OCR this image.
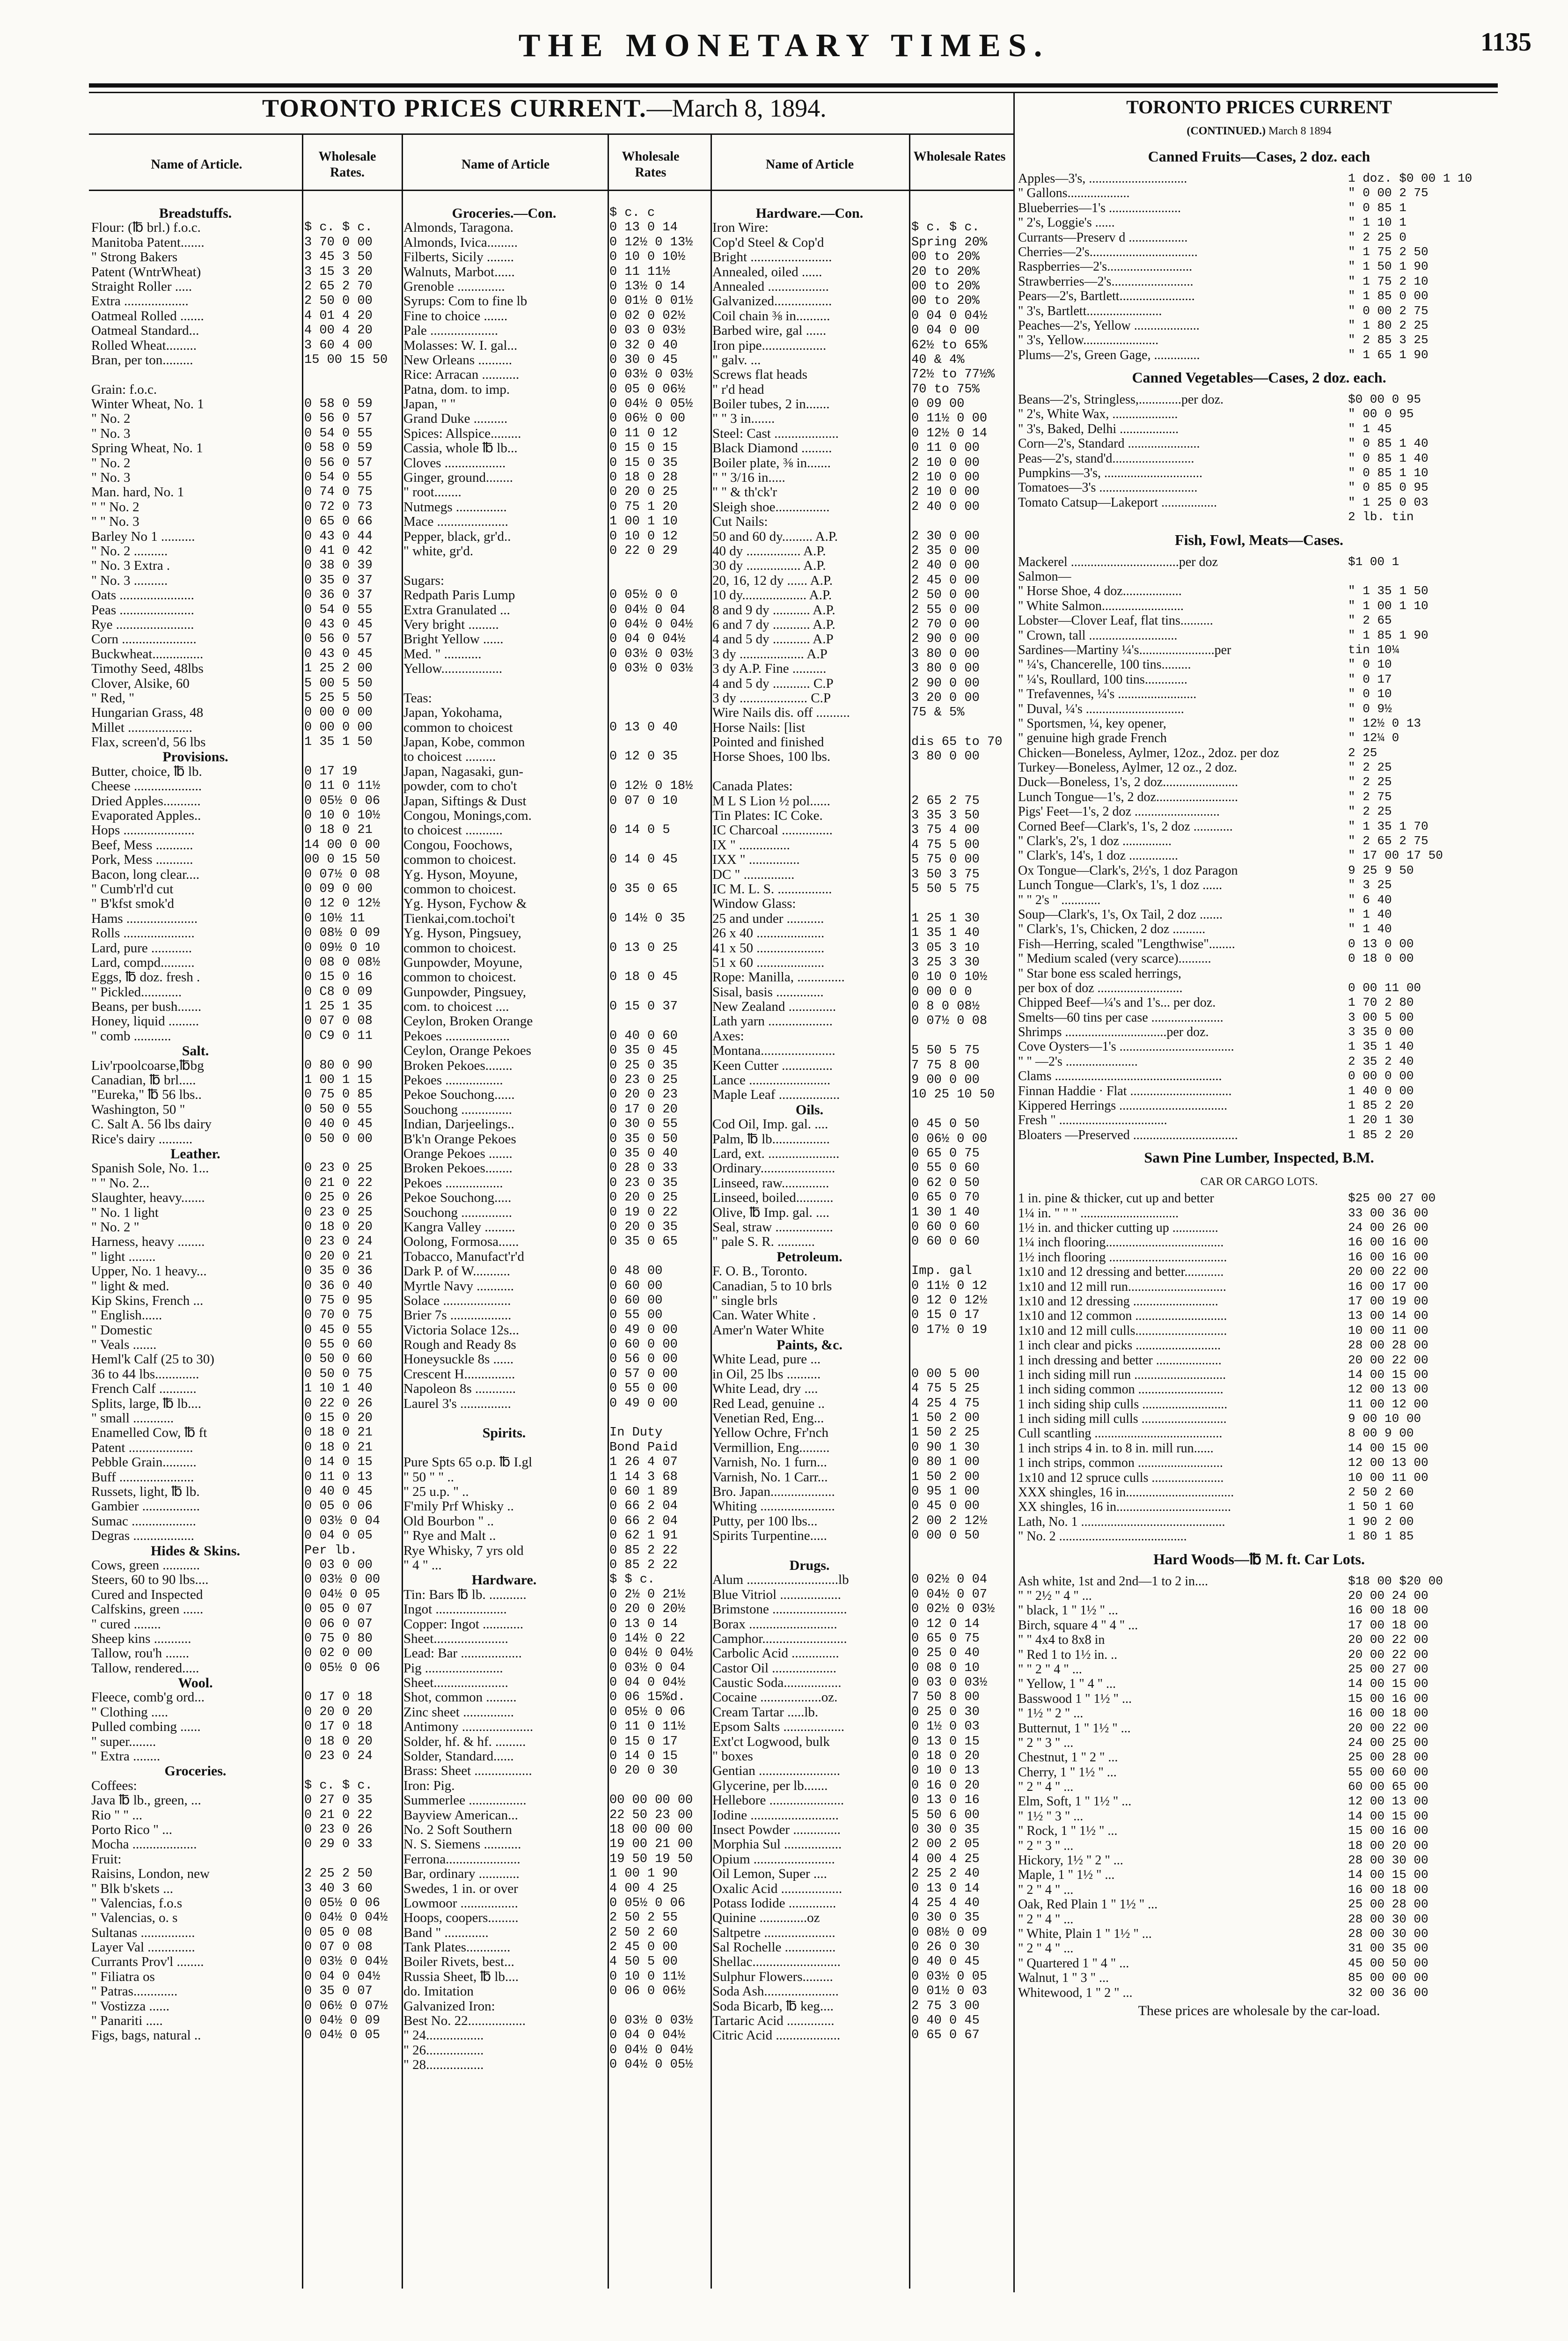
THE MONETARY TIMES.	1135
TORONTO PRICES CURRENT.—March 8, 1894.
Name of Article.
Wholesale Rates.
Name of Article
Wholesale Rates
Name of Article
Wholesale Rates
Breadstuffs.
Flour: (℔ brl.) f.o.c.	$ c. $ c.
Manitoba Patent.......	3 70 0 00
" Strong Bakers	3 45 3 50
Patent (WntrWheat)	3 15 3 20
Straight Roller .....	2 65 2 70
Extra ...................	2 50 0 00
Oatmeal Rolled .......	4 01 4 20
Oatmeal Standard...	4 00 4 20
Rolled Wheat.........	3 60 4 00
Bran, per ton.........	15 00 15 50
Grain: f.o.c.
Winter Wheat, No. 1	0 58 0 59
" No. 2	0 56 0 57
" No. 3	0 54 0 55
Spring Wheat, No. 1	0 58 0 59
" No. 2	0 56 0 57
" No. 3	0 54 0 55
Man. hard, No. 1	0 74 0 75
" " No. 2	0 72 0 73
" " No. 3	0 65 0 66
Barley No 1 ..........	0 43 0 44
" No. 2 ..........	0 41 0 42
" No. 3 Extra .	0 38 0 39
" No. 3 ..........	0 35 0 37
Oats ......................	0 36 0 37
Peas ......................	0 54 0 55
Rye .......................	0 43 0 45
Corn ......................	0 56 0 57
Buckwheat...............	0 43 0 45
Timothy Seed, 48lbs	1 25 2 00
Clover, Alsike, 60	5 00 5 50
" Red, "	5 25 5 50
Hungarian Grass, 48	0 00 0 00
Millet ...................	0 00 0 00
Flax, screen'd, 56 lbs	1 35 1 50
Provisions.
Butter, choice, ℔ lb.	0 17 19
Cheese ....................	0 11 0 11½
Dried Apples...........	0 05½ 0 06
Evaporated Apples..	0 10 0 10½
Hops .....................	0 18 0 21
Beef, Mess ...........	14 00 0 00
Pork, Mess ...........	00 0 15 50
Bacon, long clear....	0 07½ 0 08
" Cumb'rl'd cut	0 09 0 00
" B'kfst smok'd	0 12 0 12½
Hams .....................	0 10½ 11
Rolls .....................	0 08½ 0 09
Lard, pure ............	0 09½ 0 10
Lard, compd..........	0 08 0 08½
Eggs, ℔ doz. fresh .	0 15 0 16
" Pickled............	0 C8 0 09
Beans, per bush.......	1 25 1 35
Honey, liquid .........	0 07 0 08
" comb ...........	0 C9 0 11
Salt.
Liv'rpoolcoarse,℔bg	0 80 0 90
Canadian, ℔ brl.....	1 00 1 15
"Eureka," ℔ 56 lbs..	0 75 0 85
Washington, 50 "	0 50 0 55
C. Salt A. 56 lbs dairy	0 40 0 45
Rice's dairy ..........	0 50 0 00
Leather.
Spanish Sole, No. 1...	0 23 0 25
" " No. 2...	0 21 0 22
Slaughter, heavy.......	0 25 0 26
" No. 1 light	0 23 0 25
" No. 2 "	0 18 0 20
Harness, heavy ........	0 23 0 24
" light ........	0 20 0 21
Upper, No. 1 heavy...	0 35 0 36
" light & med.	0 36 0 40
Kip Skins, French ...	0 75 0 95
" English......	0 70 0 75
" Domestic	0 45 0 55
" Veals .......	0 55 0 60
Heml'k Calf (25 to 30)	0 50 0 60
36 to 44 lbs.............	0 50 0 75
French Calf ...........	1 10 1 40
Splits, large, ℔ lb....	0 22 0 26
" small ............	0 15 0 20
Enamelled Cow, ℔ ft	0 18 0 21
Patent ...................	0 18 0 21
Pebble Grain..........	0 14 0 15
Buff ......................	0 11 0 13
Russets, light, ℔ lb.	0 40 0 45
Gambier .................	0 05 0 06
Sumac ...................	0 03½ 0 04
Degras ..................	0 04 0 05
Hides & Skins.	Per lb.
Cows, green ...........	0 03 0 00
Steers, 60 to 90 lbs....	0 03½ 0 00
Cured and Inspected	0 04½ 0 05
Calfskins, green ......	0 05 0 07
" cured ........	0 06 0 07
Sheep kins ...........	0 75 0 80
Tallow, rou'h .......	0 02 0 00
Tallow, rendered.....	0 05½ 0 06
Wool.
Fleece, comb'g ord...	0 17 0 18
" Clothing .....	0 20 0 20
Pulled combing ......	0 17 0 18
" super........	0 18 0 20
" Extra ........	0 23 0 24
Groceries.
Coffees:	$ c. $ c.
Java ℔ lb., green, ...	0 27 0 35
Rio " " ...	0 21 0 22
Porto Rico " ...	0 23 0 26
Mocha ...................	0 29 0 33
Fruit:
Raisins, London, new	2 25 2 50
" Blk b'skets ...	3 40 3 60
" Valencias, f.o.s	0 05½ 0 06
" Valencias, o. s	0 04½ 0 04½
Sultanas ................	0 05 0 08
Layer Val ..............	0 07 0 08
Currants Prov'l ........	0 03½ 0 04½
" Filiatra os	0 04 0 04½
" Patras.............	0 35 0 07
" Vostizza ......	0 06½ 0 07½
" Panariti .....	0 04½ 0 09
Figs, bags, natural ..	0 04½ 0 05
Groceries.—Con.	$ c. c
Almonds, Taragona.	0 13 0 14
Almonds, Ivica.........	0 12½ 0 13½
Filberts, Sicily ........	0 10 0 10½
Walnuts, Marbot......	0 11 11½
Grenoble ..............	0 13½ 0 14
Syrups: Com to fine lb	0 01½ 0 01½
Fine to choice .......	0 02 0 02½
Pale ....................	0 03 0 03½
Molasses: W. I. gal...	0 32 0 40
New Orleans ..........	0 30 0 45
Rice: Arracan ...........	0 03½ 0 03½
Patna, dom. to imp.	0 05 0 06½
Japan, " "	0 04½ 0 05½
Grand Duke ..........	0 06½ 0 00
Spices: Allspice.........	0 11 0 12
Cassia, whole ℔ lb...	0 15 0 15
Cloves ..................	0 15 0 35
Ginger, ground........	0 18 0 28
" root........	0 20 0 25
Nutmegs ...............	0 75 1 20
Mace .....................	1 00 1 10
Pepper, black, gr'd..	0 10 0 12
" white, gr'd.	0 22 0 29
Sugars:
Redpath Paris Lump	0 05½ 0 0
Extra Granulated ...	0 04½ 0 04
Very bright .........	0 04½ 0 04½
Bright Yellow ......	0 04 0 04½
Med. " ...........	0 03½ 0 03½
Yellow..................	0 03½ 0 03½
Teas:
Japan, Yokohama,
common to choicest	0 13 0 40
Japan, Kobe, common
to choicest .........	0 12 0 35
Japan, Nagasaki, gun-
powder, com to cho't	0 12½ 0 18½
Japan, Siftings & Dust	0 07 0 10
Congou, Monings,com.
to choicest ...........	0 14 0 5
Congou, Foochows,
common to choicest.	0 14 0 45
Yg. Hyson, Moyune,
common to choicest.	0 35 0 65
Yg. Hyson, Fychow &
Tienkai,com.tochoi't	0 14½ 0 35
Yg. Hyson, Pingsuey,
common to choicest.	0 13 0 25
Gunpowder, Moyune,
common to choicest.	0 18 0 45
Gunpowder, Pingsuey,
com. to choicest ....	0 15 0 37
Ceylon, Broken Orange
Pekoes ...................	0 40 0 60
Ceylon, Orange Pekoes	0 35 0 45
Broken Pekoes........	0 25 0 35
Pekoes .................	0 23 0 25
Pekoe Souchong......	0 20 0 23
Souchong ...............	0 17 0 20
Indian, Darjeelings..	0 30 0 55
B'k'n Orange Pekoes	0 35 0 50
Orange Pekoes .......	0 35 0 40
Broken Pekoes........	0 28 0 33
Pekoes .................	0 23 0 35
Pekoe Souchong.....	0 20 0 25
Souchong ...............	0 19 0 22
Kangra Valley .........	0 20 0 35
Oolong, Formosa......	0 35 0 65
Tobacco, Manufact'r'd
Dark P. of W...........	0 48 00
Myrtle Navy ...........	0 60 00
Solace ....................	0 60 00
Brier 7s ..................	0 55 00
Victoria Solace 12s...	0 49 0 00
Rough and Ready 8s	0 60 0 00
Honeysuckle 8s ......	0 56 0 00
Crescent H...............	0 57 0 00
Napoleon 8s ............	0 55 0 00
Laurel 3's ...............	0 49 0 00
Spirits.	In Duty
Bond Paid
Pure Spts 65 o.p. ℔ I.gl	1 26 4 07
" 50 " " ..	1 14 3 68
" 25 u.p. " ..	0 60 1 89
F'mily Prf Whisky ..	0 66 2 04
Old Bourbon " ..	0 66 2 04
" Rye and Malt ..	0 62 1 91
Rye Whisky, 7 yrs old	0 85 2 22
" 4 " ...	0 85 2 22
Hardware.	$ $ c.
Tin: Bars ℔ lb. ...........	0 2½ 0 21½
Ingot .....................	0 20 0 20½
Copper: Ingot ............	0 13 0 14
Sheet......................	0 14½ 0 22
Lead: Bar ..................	0 04½ 0 04½
Pig .......................	0 03½ 0 04
Sheet......................	0 04 0 04½
Shot, common .........	0 06 15%d.
Zinc sheet ...............	0 05½ 0 06
Antimony .....................	0 11 0 11½
Solder, hf. & hf. .........	0 15 0 17
Solder, Standard......	0 14 0 15
Brass: Sheet .................	0 20 0 30
Iron: Pig.
Summerlee .................	00 00 00 00
Bayview American...	22 50 23 00
No. 2 Soft Southern	18 00 00 00
N. S. Siemens ...........	19 00 21 00
Ferrona......................	19 50 19 50
Bar, ordinary ............	1 00 1 90
Swedes, 1 in. or over	4 00 4 25
Lowmoor .................	0 05½ 0 06
Hoops, coopers.........	2 50 2 55
Band " .............	2 50 2 60
Tank Plates.............	2 45 0 00
Boiler Rivets, best...	4 50 5 00
Russia Sheet, ℔ lb....	0 10 0 11½
do. Imitation	0 06 0 06½
Galvanized Iron:
Best No. 22.................	0 03½ 0 03½
" 24.................	0 04 0 04½
" 26.................	0 04½ 0 04½
" 28.................	0 04½ 0 05½
Hardware.—Con.
Iron Wire:	$ c. $ c.
Cop'd Steel & Cop'd	Spring 20%
Bright ........................	00 to 20%
Annealed, oiled ......	20 to 20%
Annealed ..................	00 to 20%
Galvanized.................	00 to 20%
Coil chain ⅜ in..........	0 04 0 04½
Barbed wire, gal ......	0 04 0 00
Iron pipe...................	62½ to 65%
" galv. ...	40 & 4%
Screws flat heads	72½ to 77½%
" r'd head	70 to 75%
Boiler tubes, 2 in.......	0 09 00
" " 3 in.......	0 11½ 0 00
Steel: Cast ...................	0 12½ 0 14
Black Diamond .........	0 11 0 00
Boiler plate, ⅜ in.......	2 10 0 00
" " 3/16 in.....	2 10 0 00
" " & th'ck'r	2 10 0 00
Sleigh shoe................	2 40 0 00
Cut Nails:
50 and 60 dy......... A.P.	2 30 0 00
40 dy ................ A.P.	2 35 0 00
30 dy ................ A.P.	2 40 0 00
20, 16, 12 dy ...... A.P.	2 45 0 00
10 dy................... A.P.	2 50 0 00
8 and 9 dy ........... A.P.	2 55 0 00
6 and 7 dy ........... A.P.	2 70 0 00
4 and 5 dy ........... A.P	2 90 0 00
3 dy ................... A.P	3 80 0 00
3 dy A.P. Fine ..........	3 80 0 00
4 and 5 dy ........... C.P	2 90 0 00
3 dy .................... C.P	3 20 0 00
Wire Nails dis. off ..........	75 & 5%
Horse Nails: [list
Pointed and finished	dis 65 to 70
Horse Shoes, 100 lbs.	3 80 0 00
Canada Plates:
M L S Lion ½ pol......	2 65 2 75
Tin Plates: IC Coke.	3 35 3 50
IC Charcoal ...............	3 75 4 00
IX " ...............	4 75 5 00
IXX " ...............	5 75 0 00
DC " ...............	3 50 3 75
IC M. L. S. ................	5 50 5 75
Window Glass:
25 and under ...........	1 25 1 30
26 x 40 ....................	1 35 1 40
41 x 50 ....................	3 05 3 10
51 x 60 ....................	3 25 3 30
Rope: Manilla, ..............	0 10 0 10½
Sisal, basis ..............	0 00 0 0
New Zealand ..............	0 8 0 08½
Lath yarn ...................	0 07½ 0 08
Axes:
Montana......................	5 50 5 75
Keen Cutter ...............	7 75 8 00
Lance ........................	9 00 0 00
Maple Leaf ..................	10 25 10 50
Oils.
Cod Oil, Imp. gal. ....	0 45 0 50
Palm, ℔ lb.................	0 06½ 0 00
Lard, ext. .....................	0 65 0 75
Ordinary......................	0 55 0 60
Linseed, raw..............	0 62 0 50
Linseed, boiled...........	0 65 0 70
Olive, ℔ Imp. gal. ....	1 30 1 40
Seal, straw .................	0 60 0 60
" pale S. R. ...........	0 60 0 60
Petroleum.
F. O. B., Toronto.	Imp. gal
Canadian, 5 to 10 brls	0 11½ 0 12
" single brls	0 12 0 12½
Can. Water White .	0 15 0 17
Amer'n Water White	0 17½ 0 19
Paints, &c.
White Lead, pure ...
in Oil, 25 lbs ..........	0 00 5 00
White Lead, dry ....	4 75 5 25
Red Lead, genuine ..	4 25 4 75
Venetian Red, Eng...	1 50 2 00
Yellow Ochre, Fr'nch	1 50 2 25
Vermillion, Eng.........	0 90 1 30
Varnish, No. 1 furn...	0 80 1 00
Varnish, No. 1 Carr...	1 50 2 00
Bro. Japan...................	0 95 1 00
Whiting ......................	0 45 0 00
Putty, per 100 lbs...	2 00 2 12½
Spirits Turpentine.....	0 00 0 50
Drugs.
Alum ...........................lb	0 02½ 0 04
Blue Vitriol ..................	0 04½ 0 07
Brimstone ......................	0 02½ 0 03½
Borax ..........................	0 12 0 14
Camphor.........................	0 65 0 75
Carbolic Acid ..............	0 25 0 40
Castor Oil ...................	0 08 0 10
Caustic Soda.................	0 03 0 03½
Cocaine ..................oz.	7 50 8 00
Cream Tartar .....lb.	0 25 0 30
Epsom Salts ..................	0 1½ 0 03
Ext'ct Logwood, bulk	0 13 0 15
" boxes	0 18 0 20
Gentian ........................	0 10 0 13
Glycerine, per lb.......	0 16 0 20
Hellebore ......................	0 13 0 16
Iodine ..........................	5 50 6 00
Insect Powder ..............	0 30 0 35
Morphia Sul .................	2 00 2 05
Opium ........................	4 00 4 25
Oil Lemon, Super ....	2 25 2 40
Oxalic Acid ..................	0 13 0 14
Potass Iodide ..............	4 25 4 40
Quinine ..............oz	0 30 0 35
Saltpetre .....................	0 08½ 0 09
Sal Rochelle ...............	0 26 0 30
Shellac..........................	0 40 0 45
Sulphur Flowers.........	0 03½ 0 05
Soda Ash......................	0 01½ 0 03
Soda Bicarb, ℔ keg....	2 75 3 00
Tartaric Acid ..............	0 40 0 45
Citric Acid ...................	0 65 0 67
TORONTO PRICES CURRENT
(CONTINUED.) March 8 1894
Canned Fruits—Cases, 2 doz. each
Apples—3's, ..............................	1 doz. $0 00 1 10
" Gallons...................	" 0 00 2 75
Blueberries—1's ......................	" 0 85 1
" 2's, Loggie's ......	" 1 10 1
Currants—Preserv d ..................	" 2 25 0
Cherries—2's.................................	" 1 75 2 50
Raspberries—2's..........................	" 1 50 1 90
Strawberries—2's.........................	" 1 75 2 10
Pears—2's, Bartlett.......................	" 1 85 0 00
" 3's, Bartlett.......................	" 0 00 2 75
Peaches—2's, Yellow ....................	" 1 80 2 25
" 3's, Yellow.......................	" 2 85 3 25
Plums—2's, Green Gage, ..............	" 1 65 1 90
Canned Vegetables—Cases, 2 doz. each.
Beans—2's, Stringless,.............per doz.	$0 00 0 95
" 2's, White Wax, ....................	" 00 0 95
" 3's, Baked, Delhi ..................	" 1 45
Corn—2's, Standard ......................	" 0 85 1 40
Peas—2's, stand'd.........................	" 0 85 1 40
Pumpkins—3's, ..............................	" 0 85 1 10
Tomatoes—3's ..............................	" 0 85 0 95
Tomato Catsup—Lakeport .................	" 1 25 0 03
2 lb. tin
Fish, Fowl, Meats—Cases.
Mackerel .................................per doz	$1 00 1
Salmon—
" Horse Shoe, 4 doz..................	" 1 35 1 50
" White Salmon.........................	" 1 00 1 10
Lobster—Clover Leaf, flat tins..........	" 2 65
" Crown, tall ...........................	" 1 85 1 90
Sardines—Martiny ¼'s.......................per	tin 10¼
" ¼'s, Chancerelle, 100 tins.........	" 0 10
" ¼'s, Roullard, 100 tins.............	" 0 17
" Trefavennes, ¼'s ........................	" 0 10
" Duval, ¼'s ..............................	" 0 9½
" Sportsmen, ¼, key opener,	" 12½ 0 13
" genuine high grade French	" 12¼ 0
Chicken—Boneless, Aylmer, 12oz., 2doz. per doz	2 25
Turkey—Boneless, Aylmer, 12 oz., 2 doz.	" 2 25
Duck—Boneless, 1's, 2 doz.......................	" 2 25
Lunch Tongue—1's, 2 doz.........................	" 2 75
Pigs' Feet—1's, 2 doz ..........................	" 2 25
Corned Beef—Clark's, 1's, 2 doz ............	" 1 35 1 70
" Clark's, 2's, 1 doz ...............	" 2 65 2 75
" Clark's, 14's, 1 doz ...............	" 17 00 17 50
Ox Tongue—Clark's, 2½'s, 1 doz Paragon	9 25 9 50
Lunch Tongue—Clark's, 1's, 1 doz ......	" 3 25
" " 2's " ............	" 6 40
Soup—Clark's, 1's, Ox Tail, 2 doz .......	" 1 40
" Clark's, 1's, Chicken, 2 doz ..........	" 1 40
Fish—Herring, scaled "Lengthwise"........	0 13 0 00
" Medium scaled (very scarce)..........	0 18 0 00
" Star bone ess scaled herrings,
per box of doz ..........................	0 00 11 00
Chipped Beef—¼'s and 1's... per doz.	1 70 2 80
Smelts—60 tins per case ......................	3 00 5 00
Shrimps ...............................per doz.	3 35 0 00
Cove Oysters—1's ...................................	1 35 1 40
" " —2's ......................	2 35 2 40
Clams ...................................................	0 00 0 00
Finnan Haddie · Flat ...............................	1 40 0 00
Kippered Herrings .................................	1 85 2 20
Fresh " .................................	1 20 1 30
Bloaters —Preserved ................................	1 85 2 20
Sawn Pine Lumber, Inspected, B.M.
CAR OR CARGO LOTS.
1 in. pine & thicker, cut up and better	$25 00 27 00
1¼ in. " " " ..............................	33 00 36 00
1½ in. and thicker cutting up ..............	24 00 26 00
1¼ inch flooring....................................	16 00 16 00
1½ inch flooring ....................................	16 00 16 00
1x10 and 12 dressing and better............	20 00 22 00
1x10 and 12 mill run..............................	16 00 17 00
1x10 and 12 dressing ..........................	17 00 19 00
1x10 and 12 common ............................	13 00 14 00
1x10 and 12 mill culls............................	10 00 11 00
1 inch clear and picks ..........................	28 00 28 00
1 inch dressing and better ....................	20 00 22 00
1 inch siding mill run ............................	14 00 15 00
1 inch siding common ..........................	12 00 13 00
1 inch siding ship culls ..........................	11 00 12 00
1 inch siding mill culls ..........................	9 00 10 00
Cull scantling .......................................	8 00 9 00
1 inch strips 4 in. to 8 in. mill run......	14 00 15 00
1 inch strips, common ..........................	12 00 13 00
1x10 and 12 spruce culls ......................	10 00 11 00
XXX shingles, 16 in.................................	2 50 2 60
XX shingles, 16 in...................................	1 50 1 60
Lath, No. 1 ............................................	1 90 2 00
" No. 2 .......................................	1 80 1 85
Hard Woods—℔ M. ft. Car Lots.
Ash white, 1st and 2nd—1 to 2 in....	$18 00 $20 00
" " 2½ " 4 " ...	20 00 24 00
" black, 1 " 1½ " ...	16 00 18 00
Birch, square 4 " 4 " ...	17 00 18 00
" " 4x4 to 8x8 in	20 00 22 00
" Red 1 to 1½ in. ..	20 00 22 00
" " 2 " 4 " ...	25 00 27 00
" Yellow, 1 " 4 " ...	14 00 15 00
Basswood 1 " 1½ " ...	15 00 16 00
" 1½ " 2 " ...	16 00 18 00
Butternut, 1 " 1½ " ...	20 00 22 00
" 2 " 3 " ...	24 00 25 00
Chestnut, 1 " 2 " ...	25 00 28 00
Cherry, 1 " 1½ " ...	55 00 60 00
" 2 " 4 " ...	60 00 65 00
Elm, Soft, 1 " 1½ " ...	12 00 13 00
" 1½ " 3 " ...	14 00 15 00
" Rock, 1 " 1½ " ...	15 00 16 00
" 2 " 3 " ...	18 00 20 00
Hickory, 1½ " 2 " ...	28 00 30 00
Maple, 1 " 1½ " ...	14 00 15 00
" 2 " 4 " ...	16 00 18 00
Oak, Red Plain 1 " 1½ " ...	25 00 28 00
" 2 " 4 " ...	28 00 30 00
" White, Plain 1 " 1½ " ...	28 00 30 00
" 2 " 4 " ...	31 00 35 00
" Quartered 1 " 4 " ...	45 00 50 00
Walnut, 1 " 3 " ...	85 00 00 00
Whitewood, 1 " 2 " ...	32 00 36 00
These prices are wholesale by the car-load.
